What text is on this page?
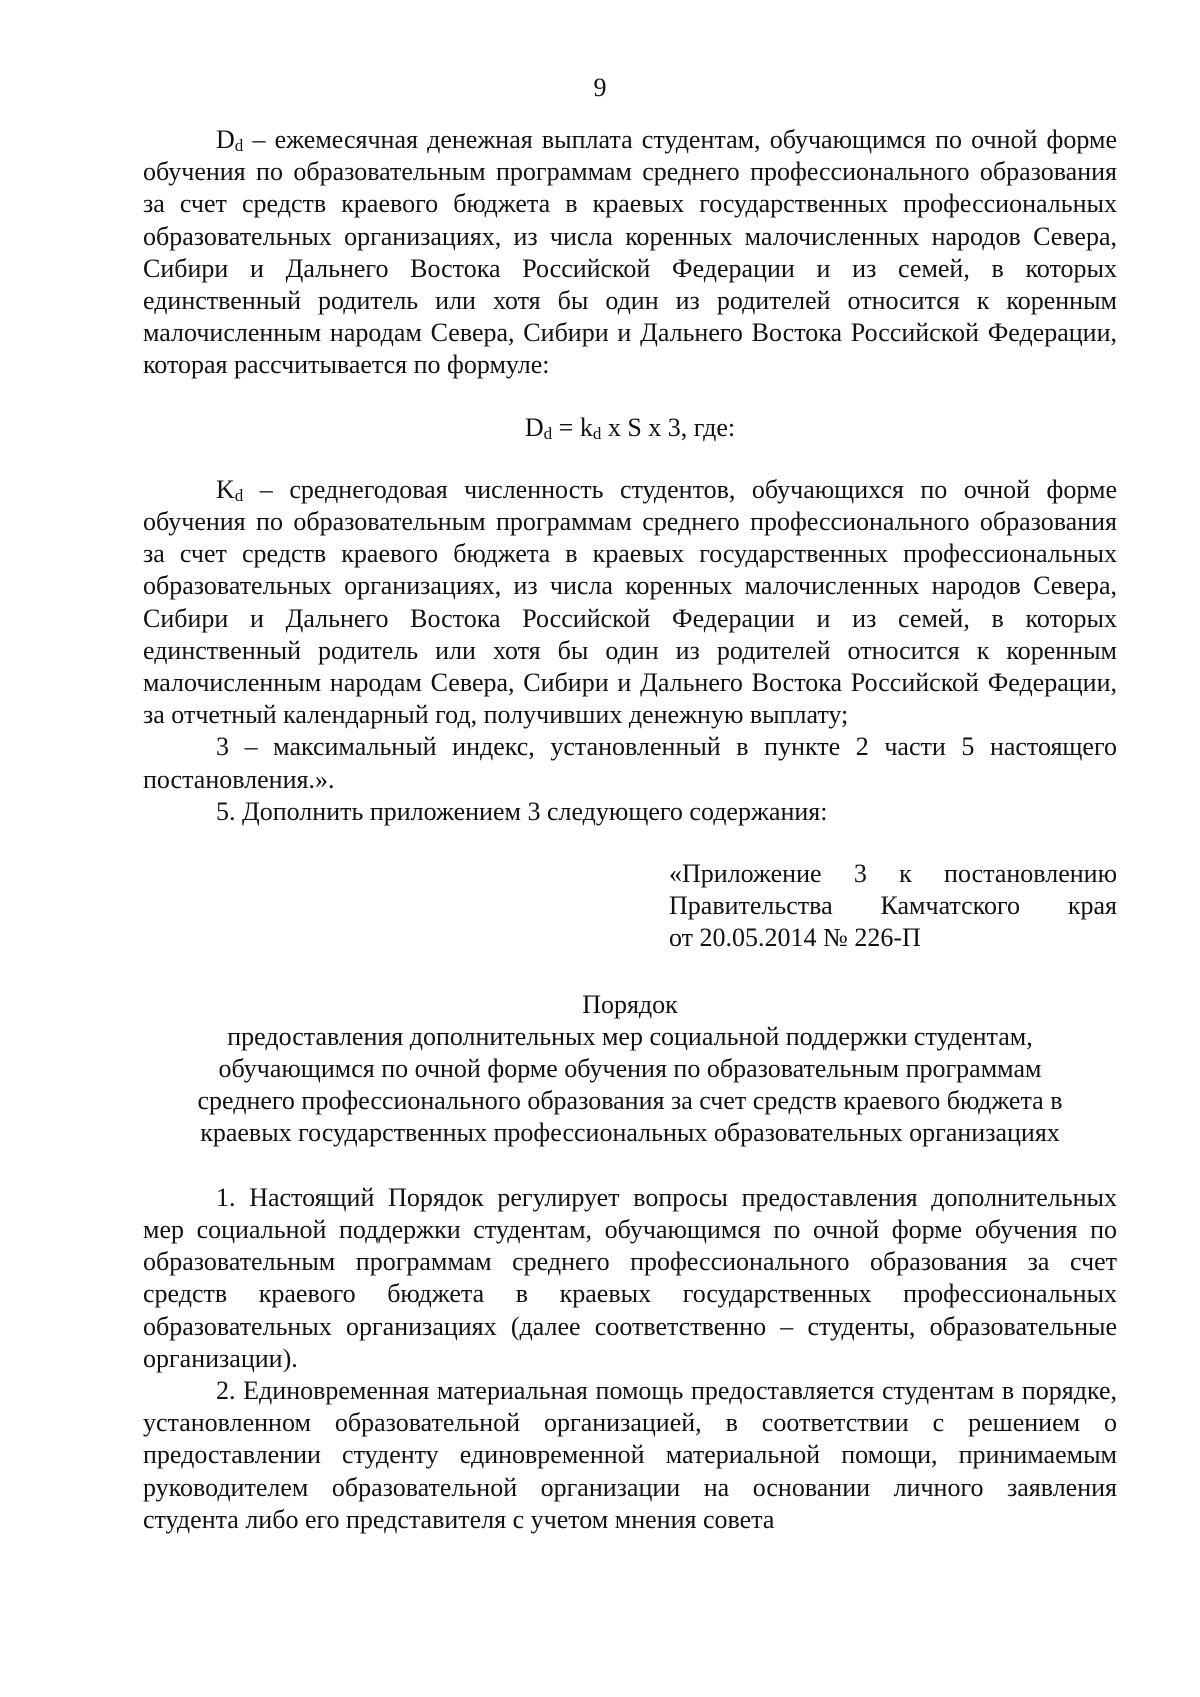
9

$D_d$ – ежемесячная денежная выплата студентам, обучающимся по очной форме обучения по образовательным программам среднего профессионального образования за счет средств краевого бюджета в краевых государственных профессиональных образовательных организациях, из числа коренных малочисленных народов Севера, Сибири и Дальнего Востока Российской Федерации и из семей, в которых единственный родитель или хотя бы один из родителей относится к коренным малочисленным народам Севера, Сибири и Дальнего Востока Российской Федерации, которая рассчитывается по формуле:

$D_d = k_d$ x S x 3, где:

$K_d$ – среднегодовая численность студентов, обучающихся по очной форме обучения по образовательным программам среднего профессионального образования за счет средств краевого бюджета в краевых государственных профессиональных образовательных организациях, из числа коренных малочисленных народов Севера, Сибири и Дальнего Востока Российской Федерации и из семей, в которых единственный родитель или хотя бы один из родителей относится к коренным малочисленным народам Севера, Сибири и Дальнего Востока Российской Федерации, за отчетный календарный год, получивших денежную выплату;

3 – максимальный индекс, установленный в пункте 2 части 5 настоящего постановления.».

5. Дополнить приложением 3 следующего содержания:

«Приложение 3 к постановлению
Правительства Камчатского края
от 20.05.2014 № 226-П

Порядок
предоставления дополнительных мер социальной поддержки студентам,
обучающимся по очной форме обучения по образовательным программам
среднего профессионального образования за счет средств краевого бюджета в
краевых государственных профессиональных образовательных организациях

1. Настоящий Порядок регулирует вопросы предоставления дополнительных мер социальной поддержки студентам, обучающимся по очной форме обучения по образовательным программам среднего профессионального образования за счет средств краевого бюджета в краевых государственных профессиональных образовательных организациях (далее соответственно – студенты, образовательные организации).

2. Единовременная материальная помощь предоставляется студентам в порядке, установленном образовательной организацией, в соответствии с решением о предоставлении студенту единовременной материальной помощи, принимаемым руководителем образовательной организации на основании личного заявления студента либо его представителя с учетом мнения совета
